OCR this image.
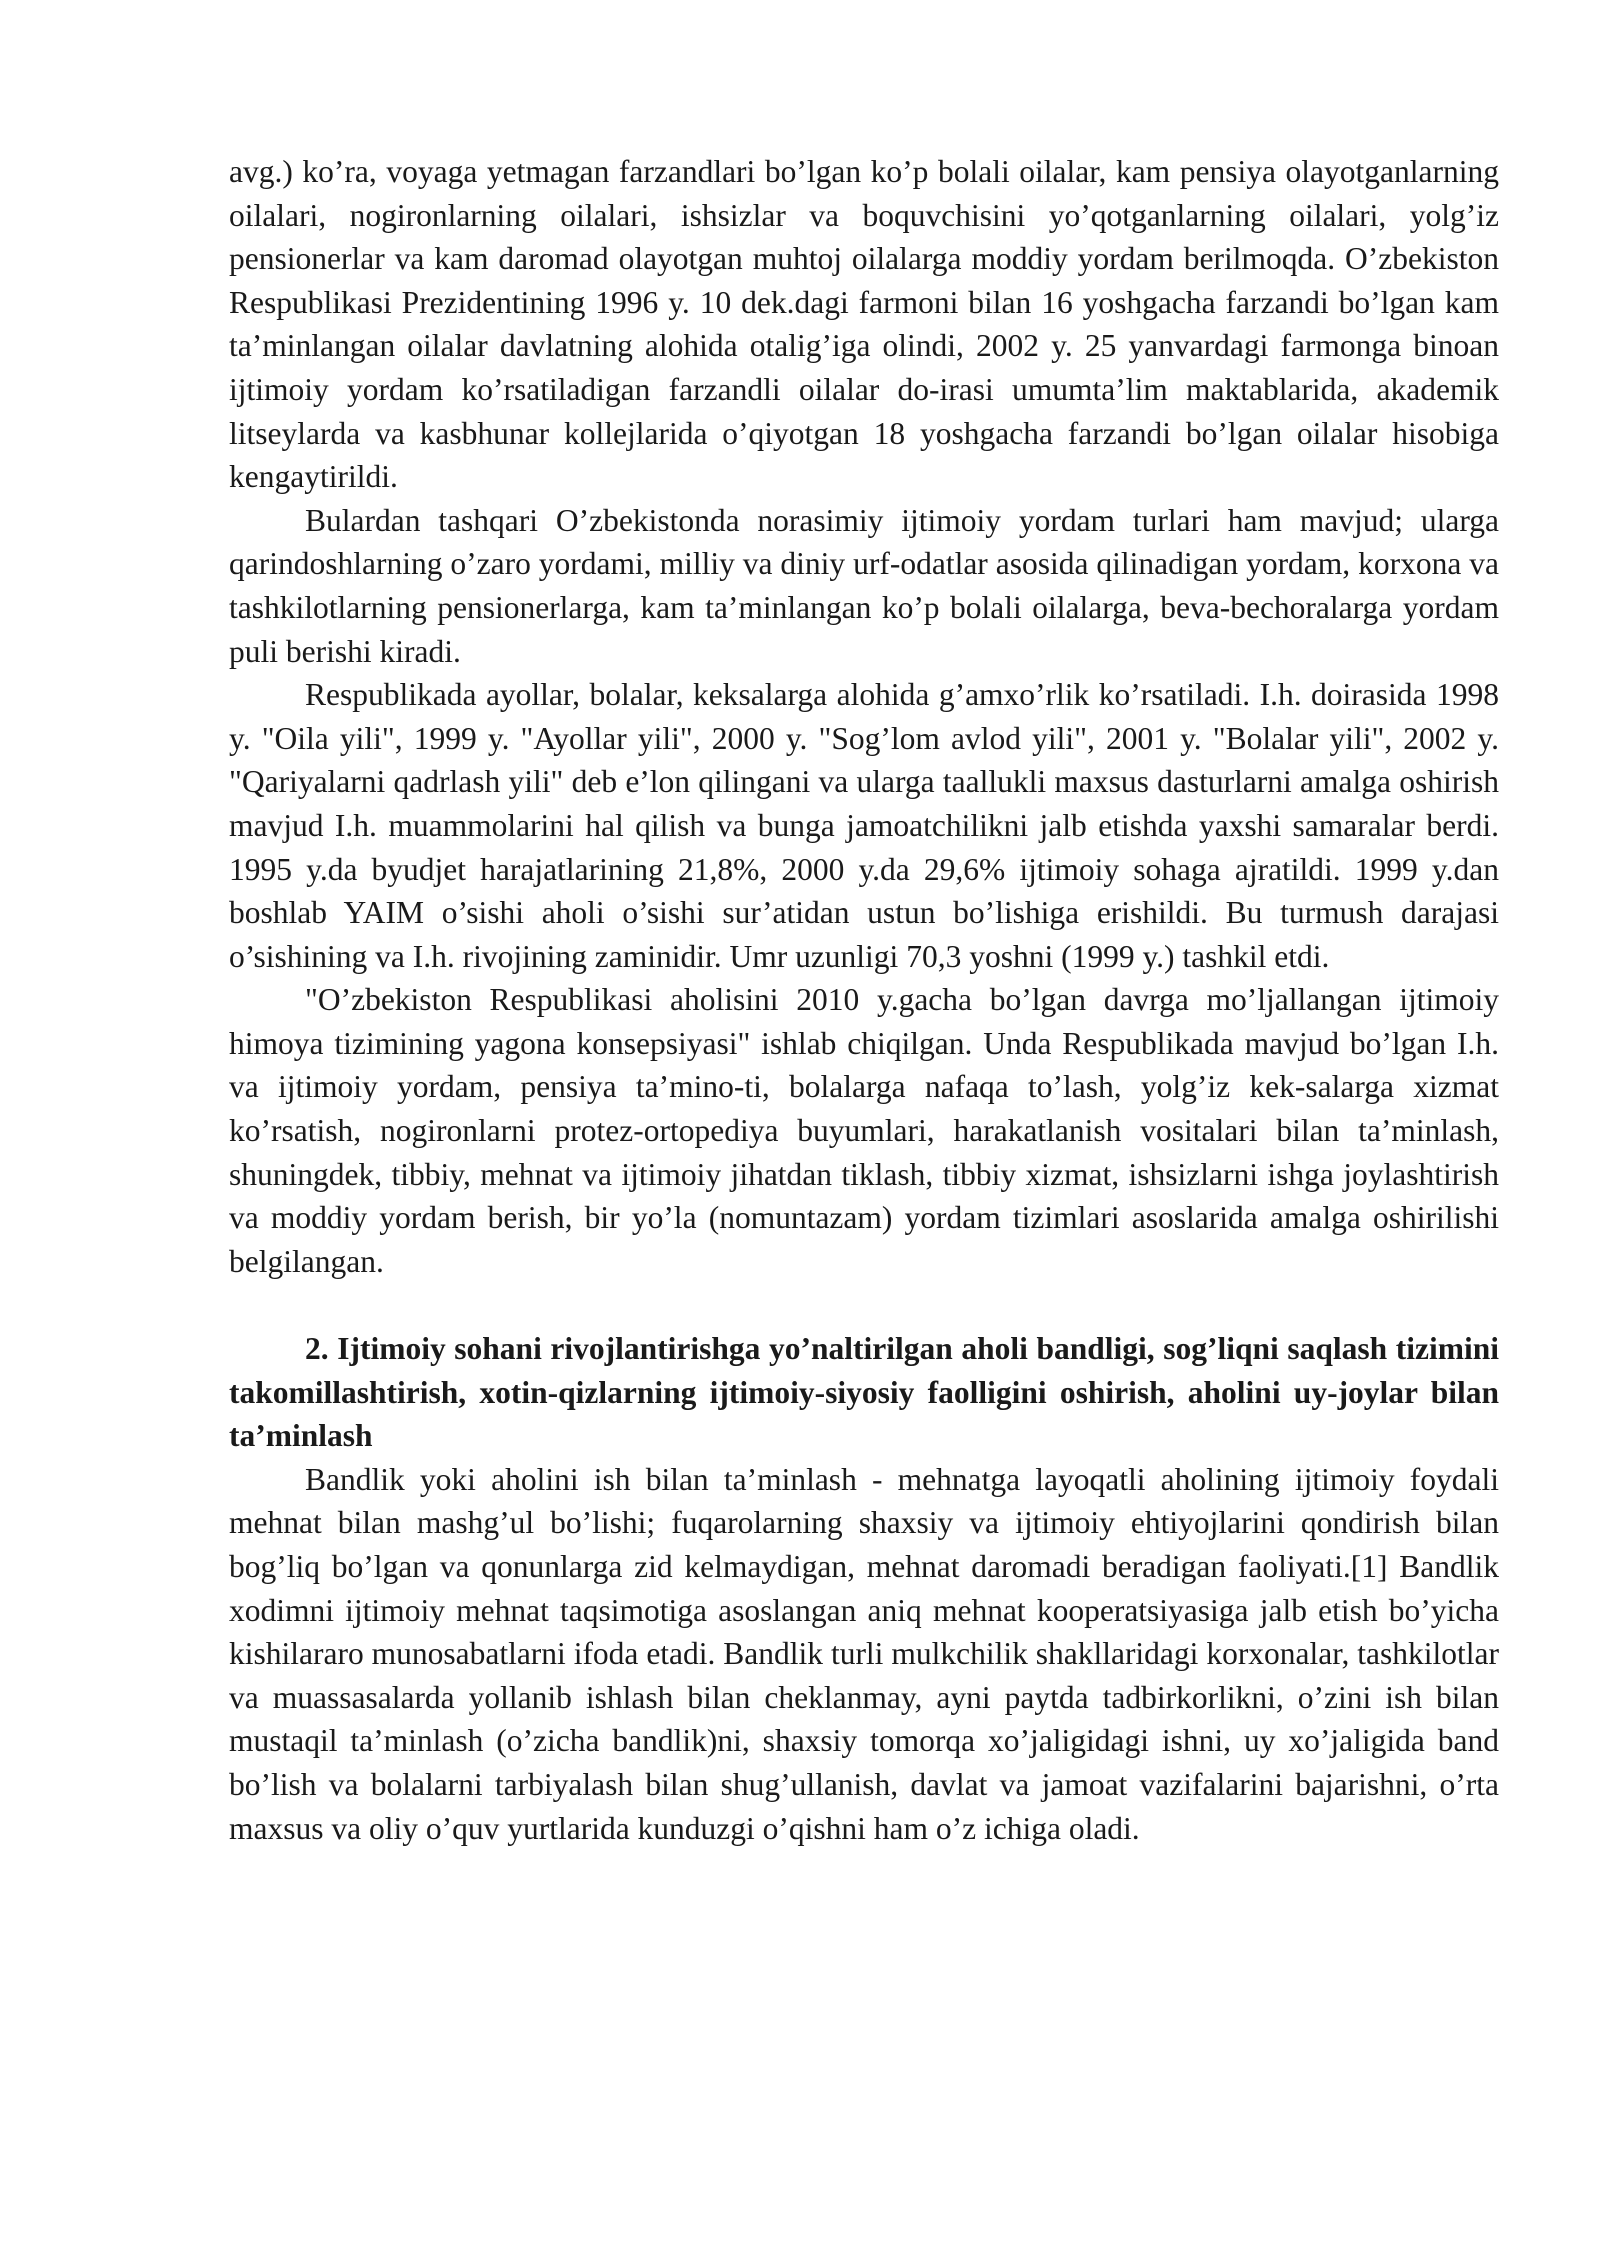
avg.) ko’ra, voyaga yetmagan farzandlari bo’lgan ko’p bolali oilalar, kam pensiya olayotganlarning oilalari, nogironlarning oilalari, ishsizlar va boquvchisini yo’qotganlarning oilalari, yolg’iz pensionerlar va kam daromad olayotgan muhtoj oilalarga moddiy yordam berilmoqda. O’zbekiston Respublikasi Prezidentining 1996 y. 10 dek.dagi farmoni bilan 16 yoshgacha farzandi bo’lgan kam ta’minlangan oilalar davlatning alohida otalig’iga olindi, 2002 y. 25 yanvardagi farmonga binoan ijtimoiy yordam ko’rsatiladigan farzandli oilalar do-irasi umumta’lim maktablarida, akademik litseylarda va kasbhunar kollejlarida o’qiyotgan 18 yoshgacha farzandi bo’lgan oilalar hisobiga kengaytirildi.

Bulardan tashqari O’zbekistonda norasimiy ijtimoiy yordam turlari ham mavjud; ularga qarindoshlarning o’zaro yordami, milliy va diniy urf-odatlar asosida qilinadigan yordam, korxona va tashkilotlarning pensionerlarga, kam ta’minlangan ko’p bolali oilalarga, beva-bechoralarga yordam puli berishi kiradi.

Respublikada ayollar, bolalar, keksalarga alohida g’amxo’rlik ko’rsatiladi. I.h. doirasida 1998 y. "Oila yili", 1999 y. "Ayollar yili", 2000 y. "Sog’lom avlod yili", 2001 y. "Bolalar yili", 2002 y. "Qariyalarni qadrlash yili" deb e’lon qilingani va ularga taallukli maxsus dasturlarni amalga oshirish mavjud I.h. muammolarini hal qilish va bunga jamoatchilikni jalb etishda yaxshi samaralar berdi. 1995 y.da byudjet harajatlarining 21,8%, 2000 y.da 29,6% ijtimoiy sohaga ajratildi. 1999 y.dan boshlab YAIM o’sishi aholi o’sishi sur’atidan ustun bo’lishiga erishildi. Bu turmush darajasi o’sishining va I.h. rivojining zaminidir. Umr uzunligi 70,3 yoshni (1999 y.) tashkil etdi.

"O’zbekiston Respublikasi aholisini 2010 y.gacha bo’lgan davrga mo’ljallangan ijtimoiy himoya tizimining yagona konsepsiyasi" ishlab chiqilgan. Unda Respublikada mavjud bo’lgan I.h. va ijtimoiy yordam, pensiya ta’mino-ti, bolalarga nafaqa to’lash, yolg’iz kek-salarga xizmat ko’rsatish, nogironlarni protez-ortopediya buyumlari, harakatlanish vositalari bilan ta’minlash, shuningdek, tibbiy, mehnat va ijtimoiy jihatdan tiklash, tibbiy xizmat, ishsizlarni ishga joylashtirish va moddiy yordam berish, bir yo’la (nomuntazam) yordam tizimlari asoslarida amalga oshirilishi belgilangan.

2. Ijtimoiy sohani rivojlantirishga yo’naltirilgan aholi bandligi, sog’liqni saqlash tizimini takomillashtirish, xotin-qizlarning ijtimoiy-siyosiy faolligini oshirish, aholini uy-joylar bilan ta’minlash

Bandlik yoki aholini ish bilan ta’minlash - mehnatga layoqatli aholining ijtimoiy foydali mehnat bilan mashg’ul bo’lishi; fuqarolarning shaxsiy va ijtimoiy ehtiyojlarini qondirish bilan bog’liq bo’lgan va qonunlarga zid kelmaydigan, mehnat daromadi beradigan faoliyati.[1] Bandlik xodimni ijtimoiy mehnat taqsimotiga asoslangan aniq mehnat kooperatsiyasiga jalb etish bo’yicha kishilararo munosabatlarni ifoda etadi. Bandlik turli mulkchilik shakllaridagi korxonalar, tashkilotlar va muassasalarda yollanib ishlash bilan cheklanmay, ayni paytda tadbirkorlikni, o’zini ish bilan mustaqil ta’minlash (o’zicha bandlik)ni, shaxsiy tomorqa xo’jaligidagi ishni, uy xo’jaligida band bo’lish va bolalarni tarbiyalash bilan shug’ullanish, davlat va jamoat vazifalarini bajarishni, o’rta maxsus va oliy o’quv yurtlarida kunduzgi o’qishni ham o’z ichiga oladi.
